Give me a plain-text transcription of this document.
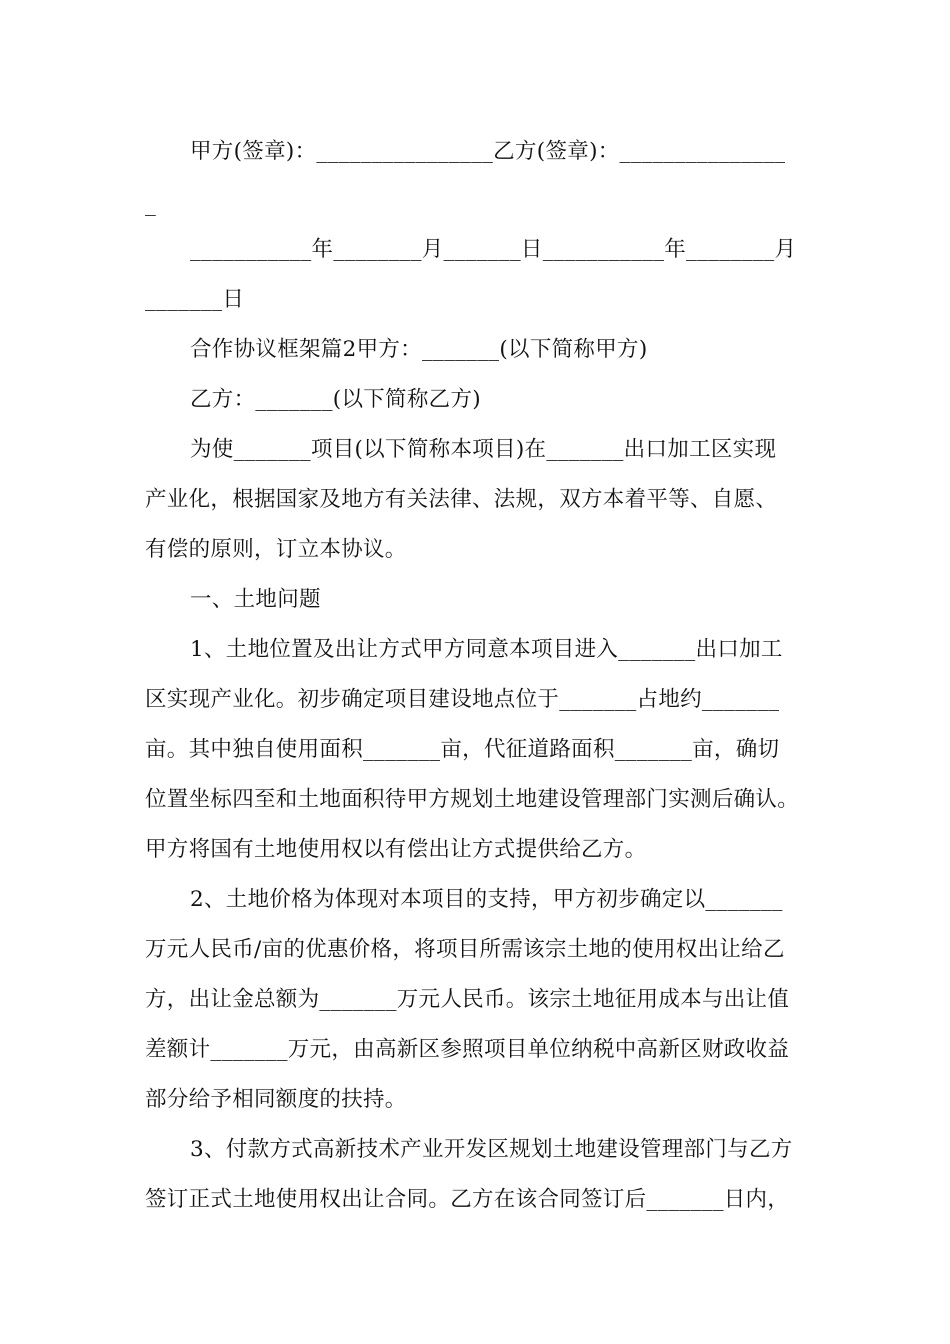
甲方(签章)：________________乙方(签章)：_______________
_
___________年________月_______日___________年________月
_______日
合作协议框架篇2甲方：_______(以下简称甲方)
乙方：_______(以下简称乙方)
为使_______项目(以下简称本项目)在_______出口加工区实现
产业化，根据国家及地方有关法律、法规，双方本着平等、自愿、
有偿的原则，订立本协议。
一、土地问题
1、土地位置及出让方式甲方同意本项目进入_______出口加工
区实现产业化。初步确定项目建设地点位于_______占地约_______
亩。其中独自使用面积_______亩，代征道路面积_______亩，确切
位置坐标四至和土地面积待甲方规划土地建设管理部门实测后确认。
甲方将国有土地使用权以有偿出让方式提供给乙方。
2、土地价格为体现对本项目的支持，甲方初步确定以_______
万元人民币/亩的优惠价格，将项目所需该宗土地的使用权出让给乙
方，出让金总额为_______万元人民币。该宗土地征用成本与出让值
差额计_______万元，由高新区参照项目单位纳税中高新区财政收益
部分给予相同额度的扶持。
3、付款方式高新技术产业开发区规划土地建设管理部门与乙方
签订正式土地使用权出让合同。乙方在该合同签订后_______日内，
